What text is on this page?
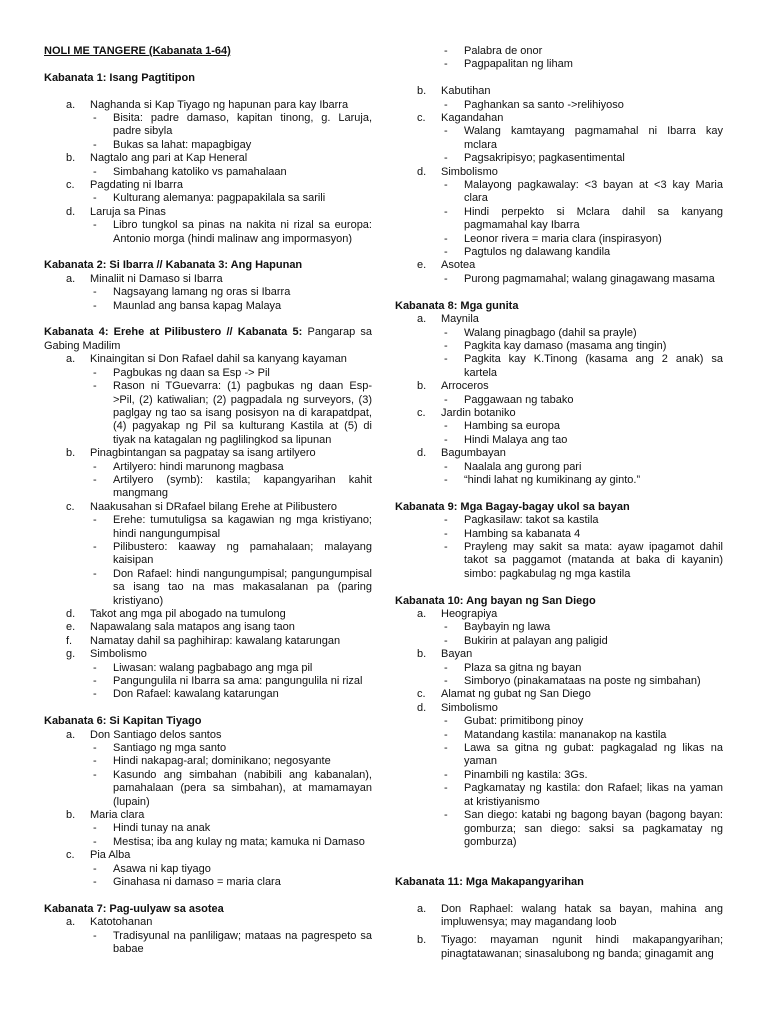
NOLI ME TANGERE (Kabanata 1-64)
Kabanata 1: Isang Pagtitipon
a. Naghanda si Kap Tiyago ng hapunan para kay Ibarra
- Bisita: padre damaso, kapitan tinong, g. Laruja, padre sibyla
- Bukas sa lahat: mapagbigay
b. Nagtalo ang pari at Kap Heneral
- Simbahang katoliko vs pamahalaan
c. Pagdating ni Ibarra
- Kulturang alemanya: pagpapakilala sa sarili
d. Laruja sa Pinas
- Libro tungkol sa pinas na nakita ni rizal sa europa: Antonio morga (hindi malinaw ang impormasyon)
Kabanata 2: Si Ibarra // Kabanata 3: Ang Hapunan
a. Minaliit ni Damaso si Ibarra
- Nagsayang lamang ng oras si Ibarra
- Maunlad ang bansa kapag Malaya
Kabanata 4: Erehe at Pilibustero // Kabanata 5: Pangarap sa Gabing Madilim
a. Kinaingitan si Don Rafael dahil sa kanyang kayaman
- Pagbukas ng daan sa Esp -> Pil
- Rason ni TGuevarra: (1) pagbukas ng daan Esp->Pil, (2) katiwalian; (2) pagpadala ng surveyors, (3) paglgay ng tao sa isang posisyon na di karapatdpat, (4) pagyakap ng Pil sa kulturang Kastila at (5) di tiyak na katagalan ng paglilingkod sa lipunan
b. Pinagbintangan sa pagpatay sa isang artilyero
- Artilyero: hindi marunong magbasa
- Artilyero (symb): kastila; kapangyarihan kahit mangmang
c. Naakusahan si DRafael bilang Erehe at Pilibustero
- Erehe: tumutuligsa sa kagawian ng mga kristiyano; hindi nangungumpisal
- Pilibustero: kaaway ng pamahalaan; malayang kaisipan
- Don Rafael: hindi nangungumpisal; pangungumpisal sa isang tao na mas makasalanan pa (paring kristiyano)
d. Takot ang mga pil abogado na tumulong
e. Napawalang sala matapos ang isang taon
f. Namatay dahil sa paghihirap: kawalang katarungan
g. Simbolismo
- Liwasan: walang pagbabago ang mga pil
- Pangungulila ni Ibarra sa ama: pangungulila ni rizal
- Don Rafael: kawalang katarungan
Kabanata 6: Si Kapitan Tiyago
a. Don Santiago delos santos
- Santiago ng mga santo
- Hindi nakapag-aral; dominikano; negosyante
- Kasundo ang simbahan (nabibili ang kabanalan), pamahalaan (pera sa simbahan), at mamamayan (lupain)
b. Maria clara
- Hindi tunay na anak
- Mestisa; iba ang kulay ng mata; kamuka ni Damaso
c. Pia Alba
- Asawa ni kap tiyago
- Ginahasa ni damaso = maria clara
Kabanata 7: Pag-uulyaw sa asotea
a. Katotohanan
- Tradisyunal na panliligaw; mataas na pagrespeto sa babae
- Palabra de onor
- Pagpapalitan ng liham
b. Kabutihan
- Paghankan sa santo ->relihiyoso
c. Kagandahan
- Walang kamtayang pagmamahal ni Ibarra kay mclara
- Pagsakripisyo; pagkasentimental
d. Simbolismo
- Malayong pagkawalay: <3 bayan at <3 kay Maria clara
- Hindi perpekto si Mclara dahil sa kanyang pagmamahal kay Ibarra
- Leonor rivera = maria clara (inspirasyon)
- Pagtulos ng dalawang kandila
e. Asotea
- Purong pagmamahal; walang ginagawang masama
Kabanata 8: Mga gunita
a. Maynila
- Walang pinagbago (dahil sa prayle)
- Pagkita kay damaso (masama ang tingin)
- Pagkita kay K.Tinong (kasama ang 2 anak) sa kartela
b. Arroceros
- Paggawaan ng tabako
c. Jardin botaniko
- Hambing sa europa
- Hindi Malaya ang tao
d. Bagumbayan
- Naalala ang gurong pari
- “hindi lahat ng kumikinang ay ginto.”
Kabanata 9: Mga Bagay-bagay ukol sa bayan
- Pagkasilaw: takot sa kastila
- Hambing sa kabanata 4
- Prayleng may sakit sa mata: ayaw ipagamot dahil takot sa paggamot (matanda at baka di kayanin) simbo: pagkabulag ng mga kastila
Kabanata 10: Ang bayan ng San Diego
a. Heograpiya
- Baybayin ng lawa
- Bukirin at palayan ang paligid
b. Bayan
- Plaza sa gitna ng bayan
- Simboryo (pinakamataas na poste ng simbahan)
c. Alamat ng gubat ng San Diego
d. Simbolismo
- Gubat: primitibong pinoy
- Matandang kastila: mananakop na kastila
- Lawa sa gitna ng gubat: pagkagalad ng likas na yaman
- Pinambili ng kastila: 3Gs.
- Pagkamatay ng kastila: don Rafael; likas na yaman at kristiyanismo
- San diego: katabi ng bagong bayan (bagong bayan: gomburza; san diego: saksi sa pagkamatay ng gomburza)
Kabanata 11: Mga Makapangyarihan
a. Don Raphael: walang hatak sa bayan, mahina ang impluwensya; may magandang loob
b. Tiyago: mayaman ngunit hindi makapangyarihan; pinagtatawanan; sinasalubong ng banda; ginagamit ang
